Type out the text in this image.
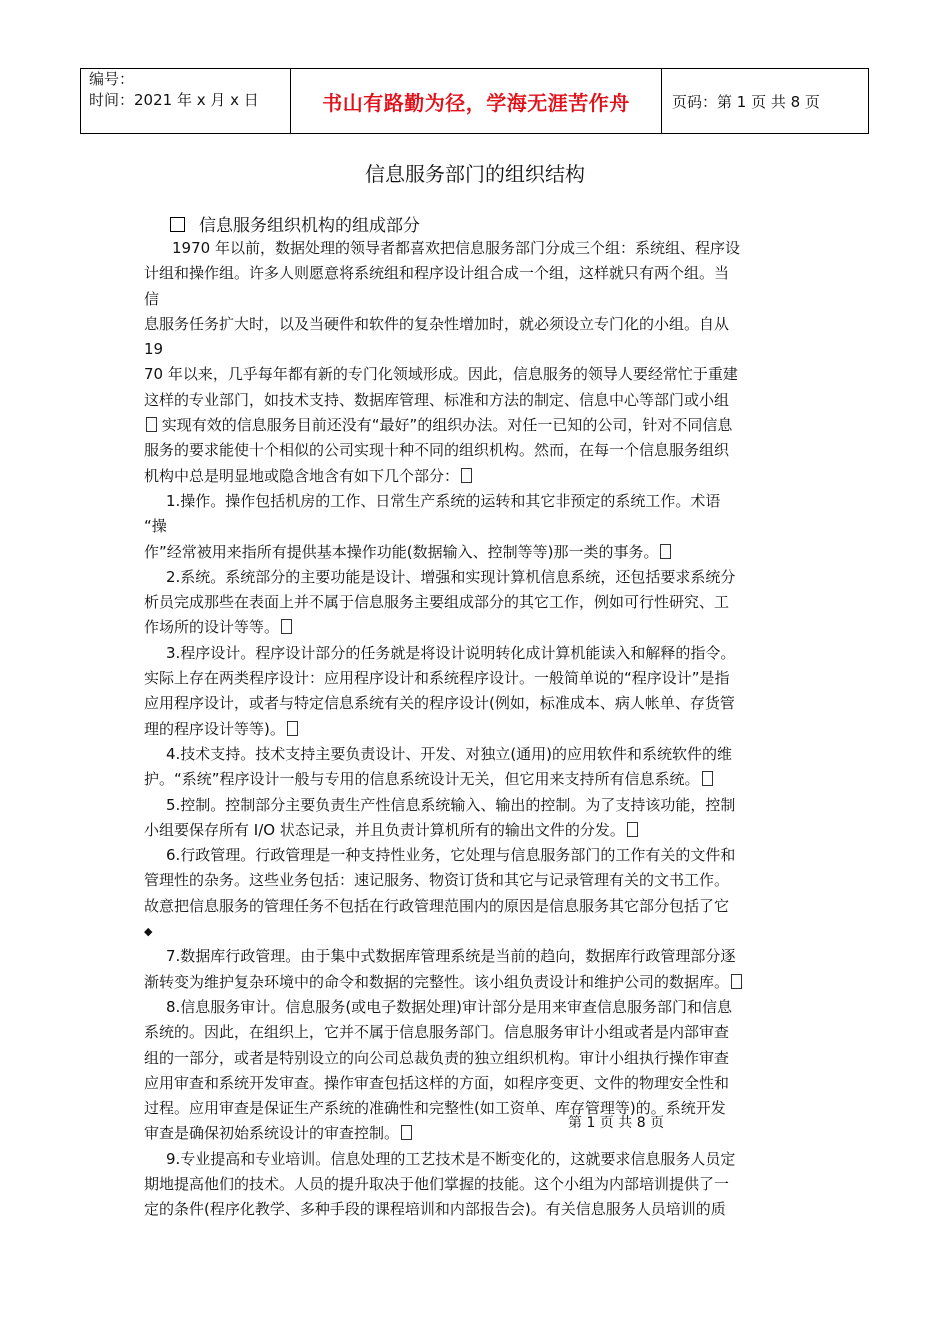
编号：
时间：2021 年 x 月 x 日	书山有路勤为径，学海无涯苦作舟	页码：第 1 页 共 8 页
信息服务部门的组织结构
信息服务组织机构的组成部分

1970 年以前，数据处理的领导者都喜欢把信息服务部门分成三个组：系统组、程序设

计组和操作组。许多人则愿意将系统组和程序设计组合成一个组，这样就只有两个组。当

信

息服务任务扩大时，以及当硬件和软件的复杂性增加时，就必须设立专门化的小组。自从

19

70 年以来，几乎每年都有新的专门化领域形成。因此，信息服务的领导人要经常忙于重建

这样的专业部门，如技术支持、数据库管理、标准和方法的制定、信息中心等部门或小组

实现有效的信息服务目前还没有“最好”的组织办法。对任一已知的公司，针对不同信息

服务的要求能使十个相似的公司实现十种不同的组织机构。然而，在每一个信息服务组织

机构中总是明显地或隐含地含有如下几个部分：

1.操作。操作包括机房的工作、日常生产系统的运转和其它非预定的系统工作。术语

“操

作”经常被用来指所有提供基本操作功能(数据输入、控制等等)那一类的事务。

2.系统。系统部分的主要功能是设计、增强和实现计算机信息系统，还包括要求系统分

析员完成那些在表面上并不属于信息服务主要组成部分的其它工作，例如可行性研究、工

作场所的设计等等。

3.程序设计。程序设计部分的任务就是将设计说明转化成计算机能读入和解释的指令。

实际上存在两类程序设计：应用程序设计和系统程序设计。一般简单说的“程序设计”是指

应用程序设计，或者与特定信息系统有关的程序设计(例如，标准成本、病人帐单、存货管

理的程序设计等等)。

4.技术支持。技术支持主要负责设计、开发、对独立(通用)的应用软件和系统软件的维

护。“系统”程序设计一般与专用的信息系统设计无关，但它用来支持所有信息系统。

5.控制。控制部分主要负责生产性信息系统输入、输出的控制。为了支持该功能，控制

小组要保存所有 I/O 状态记录，并且负责计算机所有的输出文件的分发。

6.行政管理。行政管理是一种支持性业务，它处理与信息服务部门的工作有关的文件和

管理性的杂务。这些业务包括：速记服务、物资订货和其它与记录管理有关的文书工作。

故意把信息服务的管理任务不包括在行政管理范围内的原因是信息服务其它部分包括了它

◆

7.数据库行政管理。由于集中式数据库管理系统是当前的趋向，数据库行政管理部分逐

渐转变为维护复杂环境中的命令和数据的完整性。该小组负责设计和维护公司的数据库。

8.信息服务审计。信息服务(或电子数据处理)审计部分是用来审查信息服务部门和信息

系统的。因此，在组织上，它并不属于信息服务部门。信息服务审计小组或者是内部审查

组的一部分，或者是特别设立的向公司总裁负责的独立组织机构。审计小组执行操作审查

应用审查和系统开发审查。操作审查包括这样的方面，如程序变更、文件的物理安全性和

过程。应用审查是保证生产系统的准确性和完整性(如工资单、库存管理等)的。系统开发

审查是确保初始系统设计的审查控制。

9.专业提高和专业培训。信息处理的工艺技术是不断变化的，这就要求信息服务人员定

期地提高他们的技术。人员的提升取决于他们掌握的技能。这个小组为内部培训提供了一

定的条件(程序化教学、多种手段的课程培训和内部报告会)。有关信息服务人员培训的质

第 1 页 共 8 页
